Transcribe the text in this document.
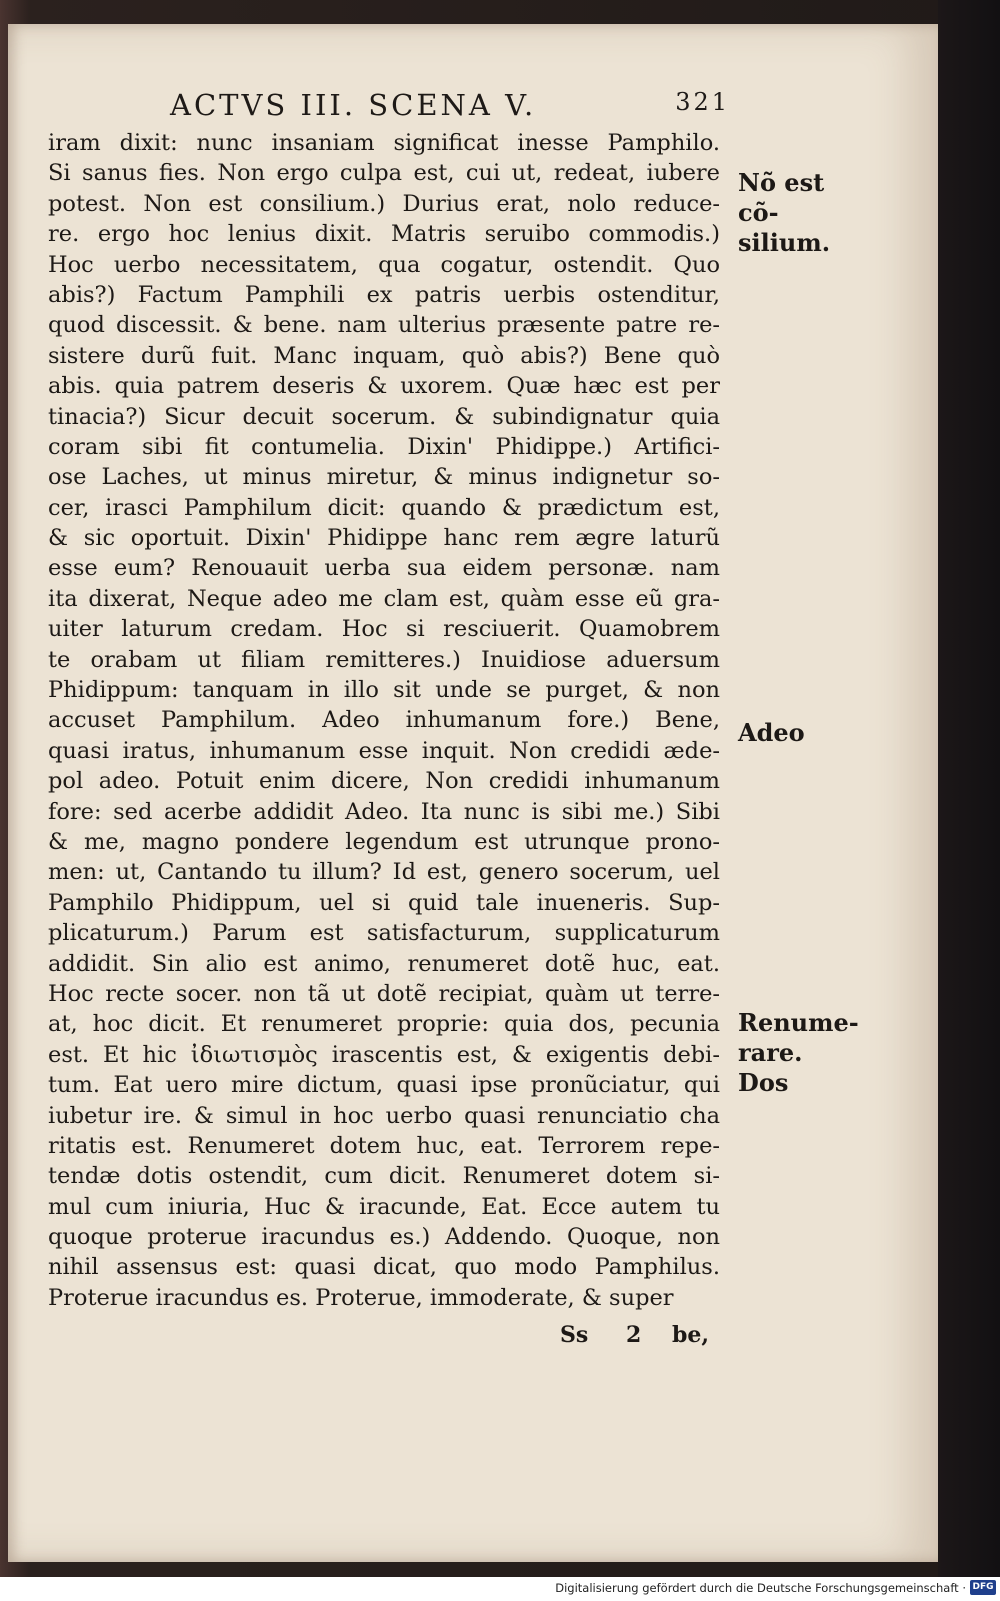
ACTVS III. SCENA V.	321
iram dixit: nunc insaniam significat inesse Pamphilo.
Si sanus fies. Non ergo culpa est, cui ut, redeat, iubere
potest. Non est consilium.) Durius erat, nolo reduce-
re. ergo hoc lenius dixit. Matris seruibo commodis.)
Hoc uerbo necessitatem, qua cogatur, ostendit. Quo
abis?) Factum Pamphili ex patris uerbis ostenditur,
quod discessit. & bene. nam ulterius præsente patre re-
sistere durũ fuit. Manc inquam, quò abis?) Bene quò
abis. quia patrem deseris & uxorem. Quæ hæc est per
tinacia?) Sicur decuit socerum. & subindignatur quia
coram sibi fit contumelia. Dixin' Phidippe.) Artifici-
ose Laches, ut minus miretur, & minus indignetur so-
cer, irasci Pamphilum dicit: quando & prædictum est,
& sic oportuit. Dixin' Phidippe hanc rem ægre laturũ
esse eum? Renouauit uerba sua eidem personæ. nam
ita dixerat, Neque adeo me clam est, quàm esse eũ gra-
uiter laturum credam. Hoc si resciuerit. Quamobrem
te orabam ut filiam remitteres.) Inuidiose aduersum
Phidippum: tanquam in illo sit unde se purget, & non
accuset Pamphilum. Adeo inhumanum fore.) Bene,
quasi iratus, inhumanum esse inquit. Non credidi æde-
pol adeo. Potuit enim dicere, Non credidi inhumanum
fore: sed acerbe addidit Adeo. Ita nunc is sibi me.) Sibi
& me, magno pondere legendum est utrunque prono-
men: ut, Cantando tu illum? Id est, genero socerum, uel
Pamphilo Phidippum, uel si quid tale inueneris. Sup-
plicaturum.) Parum est satisfacturum, supplicaturum
addidit. Sin alio est animo, renumeret dotẽ huc, eat.
Hoc recte socer. non tã ut dotẽ recipiat, quàm ut terre-
at, hoc dicit. Et renumeret proprie: quia dos, pecunia
est. Et hic ἰδιωτισμὸς irascentis est, & exigentis debi-
tum. Eat uero mire dictum, quasi ipse pronũciatur, qui
iubetur ire. & simul in hoc uerbo quasi renunciatio cha
ritatis est. Renumeret dotem huc, eat. Terrorem repe-
tendæ dotis ostendit, cum dicit. Renumeret dotem si-
mul cum iniuria, Huc & iracunde, Eat. Ecce autem tu
quoque proterue iracundus es.) Addendo. Quoque, non
nihil assensus est: quasi dicat, quo modo Pamphilus.
Proterue iracundus es. Proterue, immoderate, & super
Nõ est cõ- silium.
Adeo
Renume- rare. Dos
Ss 2 be,
Digitalisierung gefördert durch die Deutsche Forschungsgemeinschaft · DFG
